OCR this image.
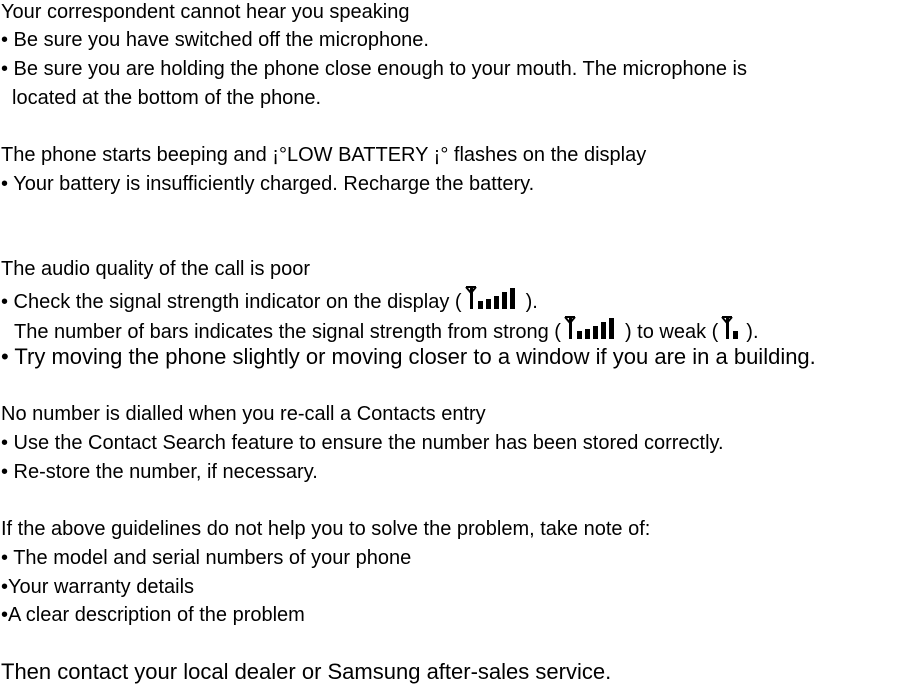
Your correspondent cannot hear you speaking

• Be sure you have switched off the microphone.

• Be sure you are holding the phone close enough to your mouth. The microphone is

located at the bottom of the phone.

The phone starts beeping and ¡°LOW BATTERY ¡° flashes on the display

• Your battery is insufficiently charged. Recharge the battery.

The audio quality of the call is poor

• Check the signal strength indicator on the display (	).

The number of bars indicates the signal strength from strong (	) to weak ( ).

• Try moving the phone slightly or moving closer to a window if you are in a building.

No number is dialled when you re-call a Contacts entry

• Use the Contact Search feature to ensure the number has been stored correctly.

• Re-store the number, if necessary.

If the above guidelines do not help you to solve the problem, take note of:

• The model and serial numbers of your phone

•Your warranty details

•A clear description of the problem

Then contact your local dealer or Samsung after-sales service.
